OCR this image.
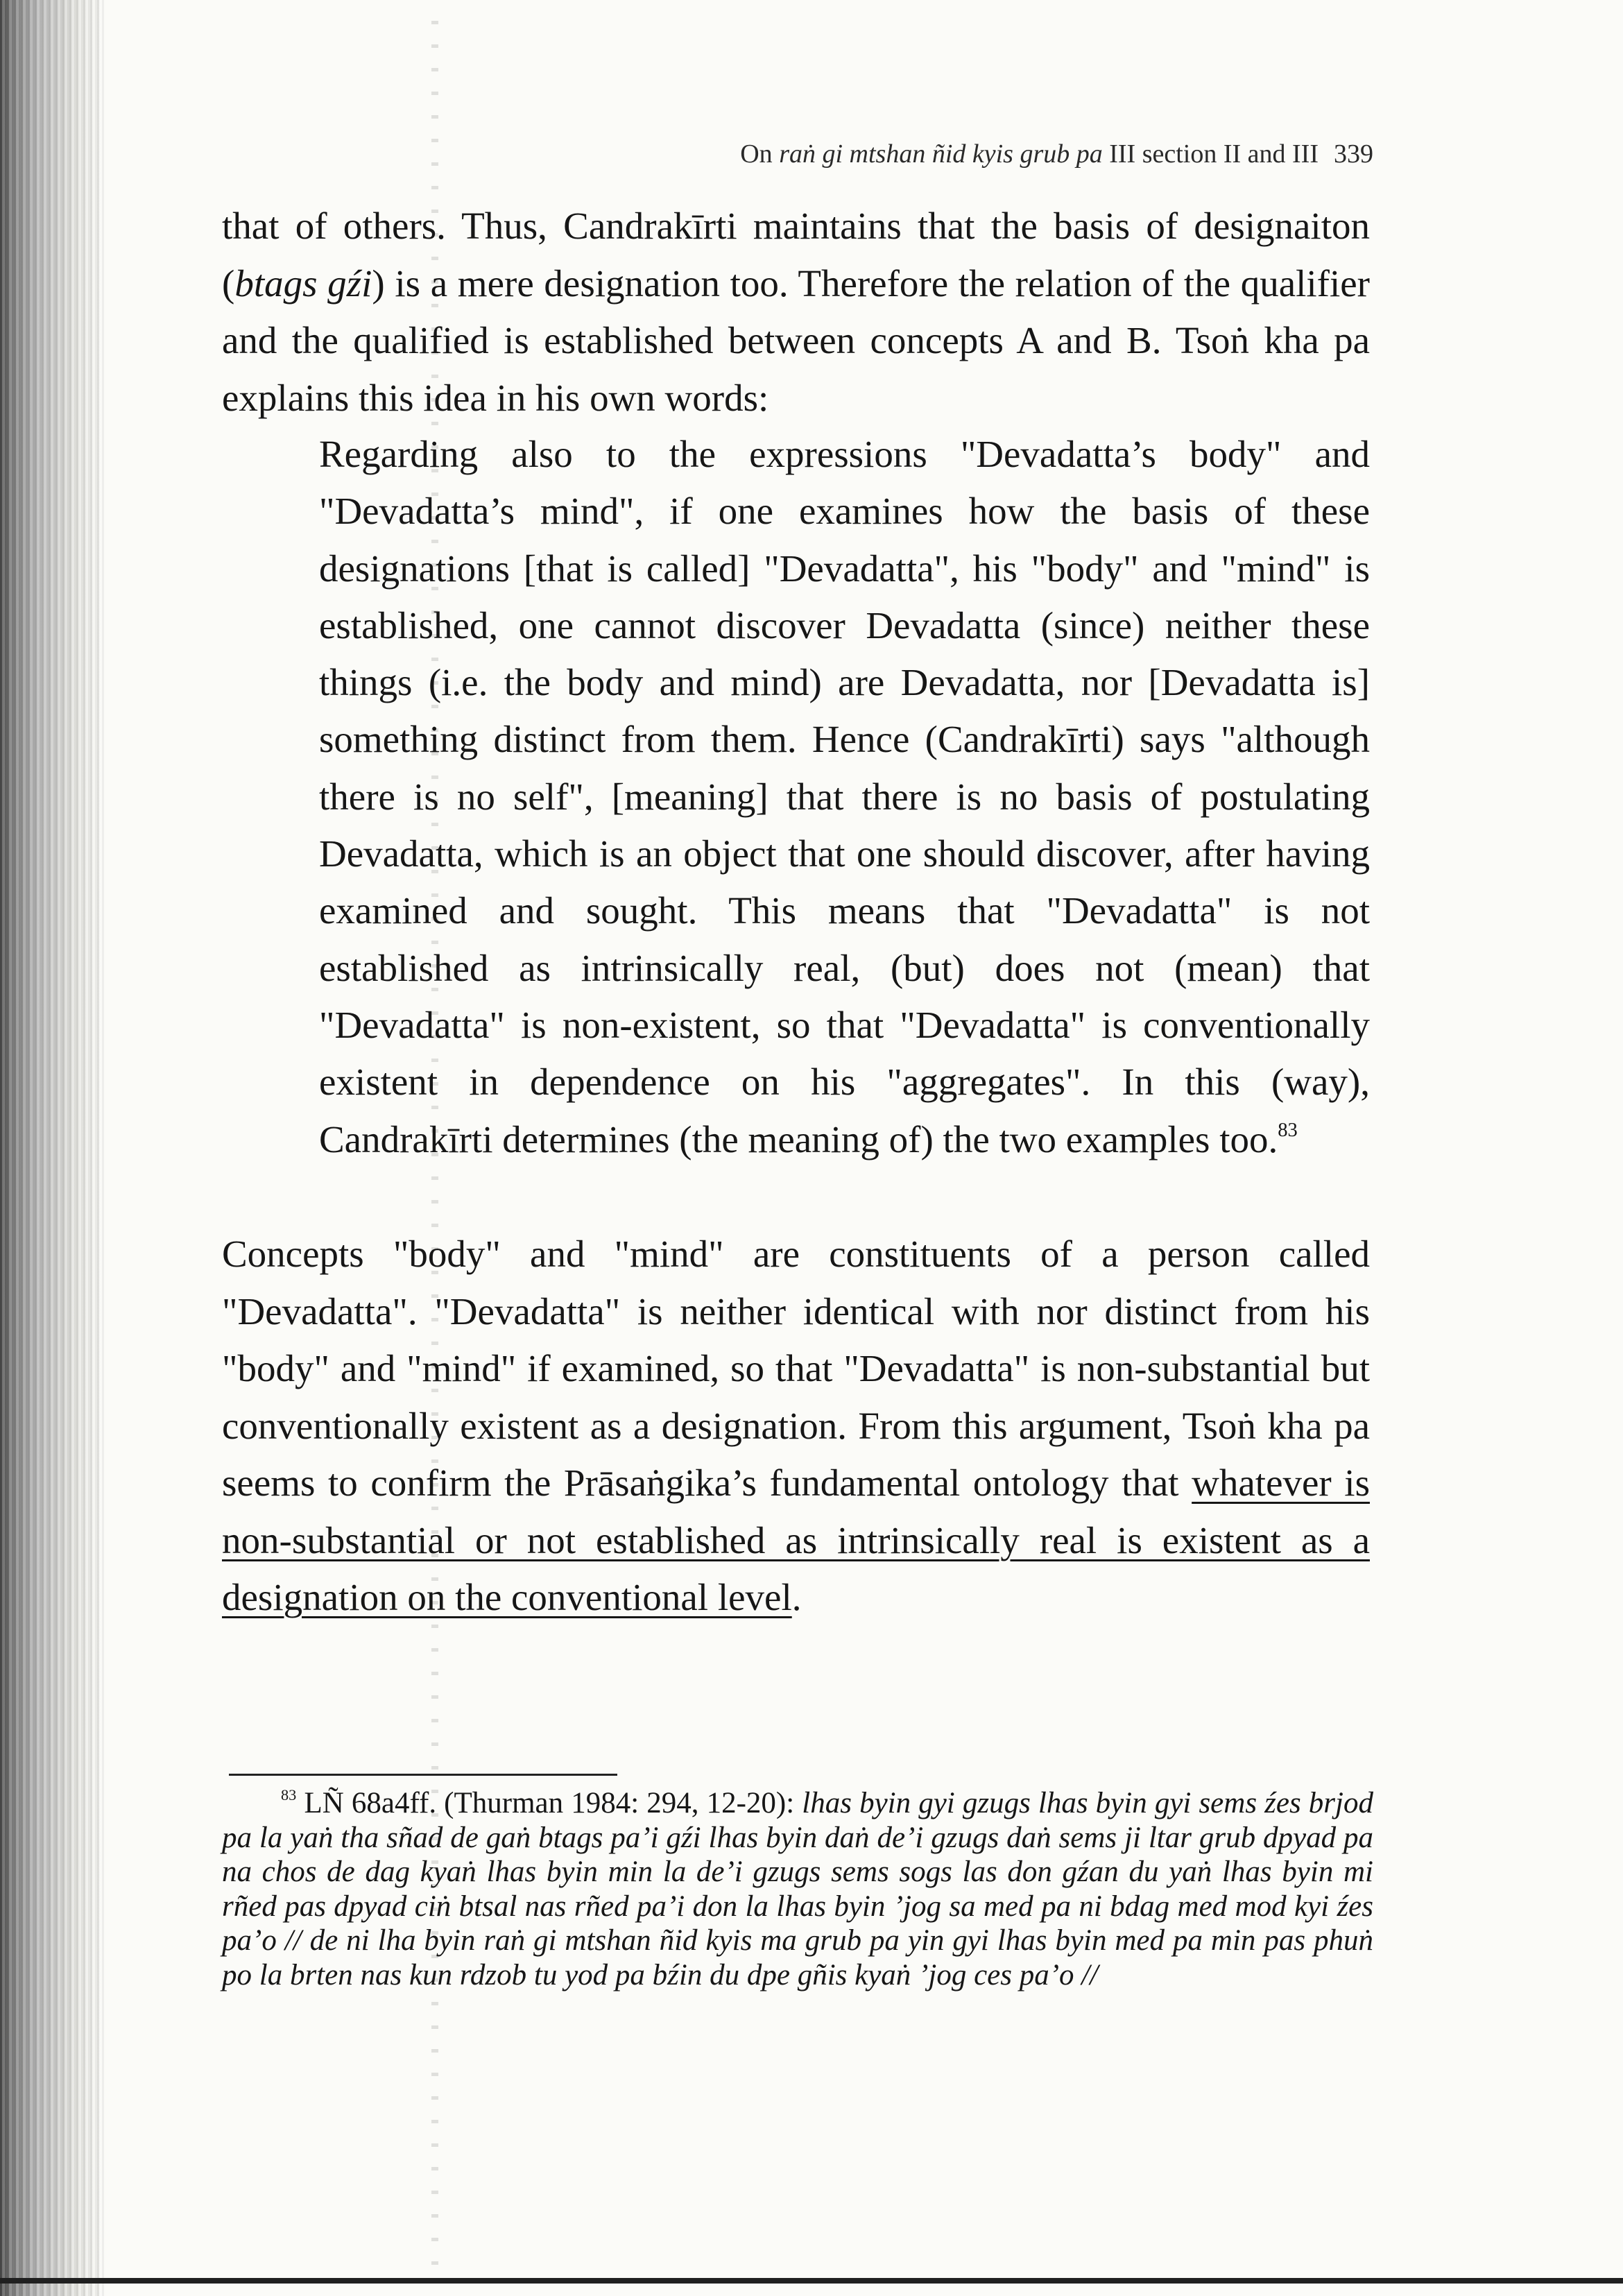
On raṅ gi mtshan ñid kyis grub pa III section II and III 339

that of others. Thus, Candrakīrti maintains that the basis of designaiton (btags gźi) is a mere designation too. Therefore the relation of the qualifier and the qualified is established between concepts A and B. Tsoṅ kha pa explains this idea in his own words:

Regarding also to the expressions "Devadatta’s body" and "Devadatta’s mind", if one examines how the basis of these designations [that is called] "Devadatta", his "body" and "mind" is established, one cannot discover Devadatta (since) neither these things (i.e. the body and mind) are Devadatta, nor [Devadatta is] something distinct from them. Hence (Candrakīrti) says "although there is no self", [meaning] that there is no basis of postulating Devadatta, which is an object that one should discover, after having examined and sought. This means that "Devadatta" is not established as intrinsically real, (but) does not (mean) that "Devadatta" is non-existent, so that "Devadatta" is conventionally existent in dependence on his "aggregates". In this (way), Candrakīrti determines (the meaning of) the two examples too.$^{83}$

Concepts "body" and "mind" are constituents of a person called "Devadatta". "Devadatta" is neither identical with nor distinct from his "body" and "mind" if examined, so that "Devadatta" is non-substantial but conventionally existent as a designation. From this argument, Tsoṅ kha pa seems to confirm the Prāsaṅgika’s fundamental ontology that whatever is non-substantial or not established as intrinsically real is existent as a designation on the conventional level.

$^{83}$ LÑ 68a4ff. (Thurman 1984: 294, 12-20): lhas byin gyi gzugs lhas byin gyi sems źes brjod pa la yaṅ tha sñad de gaṅ btags pa’i gźi lhas byin daṅ de’i gzugs daṅ sems ji ltar grub dpyad pa na chos de dag kyaṅ lhas byin min la de’i gzugs sems sogs las don gźan du yaṅ lhas byin mi rñed pas dpyad ciṅ btsal nas rñed pa’i don la lhas byin ’jog sa med pa ni bdag med mod kyi źes pa’o // de ni lha byin raṅ gi mtshan ñid kyis ma grub pa yin gyi lhas byin med pa min pas phuṅ po la brten nas kun rdzob tu yod pa bźin du dpe gñis kyaṅ ’jog ces pa’o //
